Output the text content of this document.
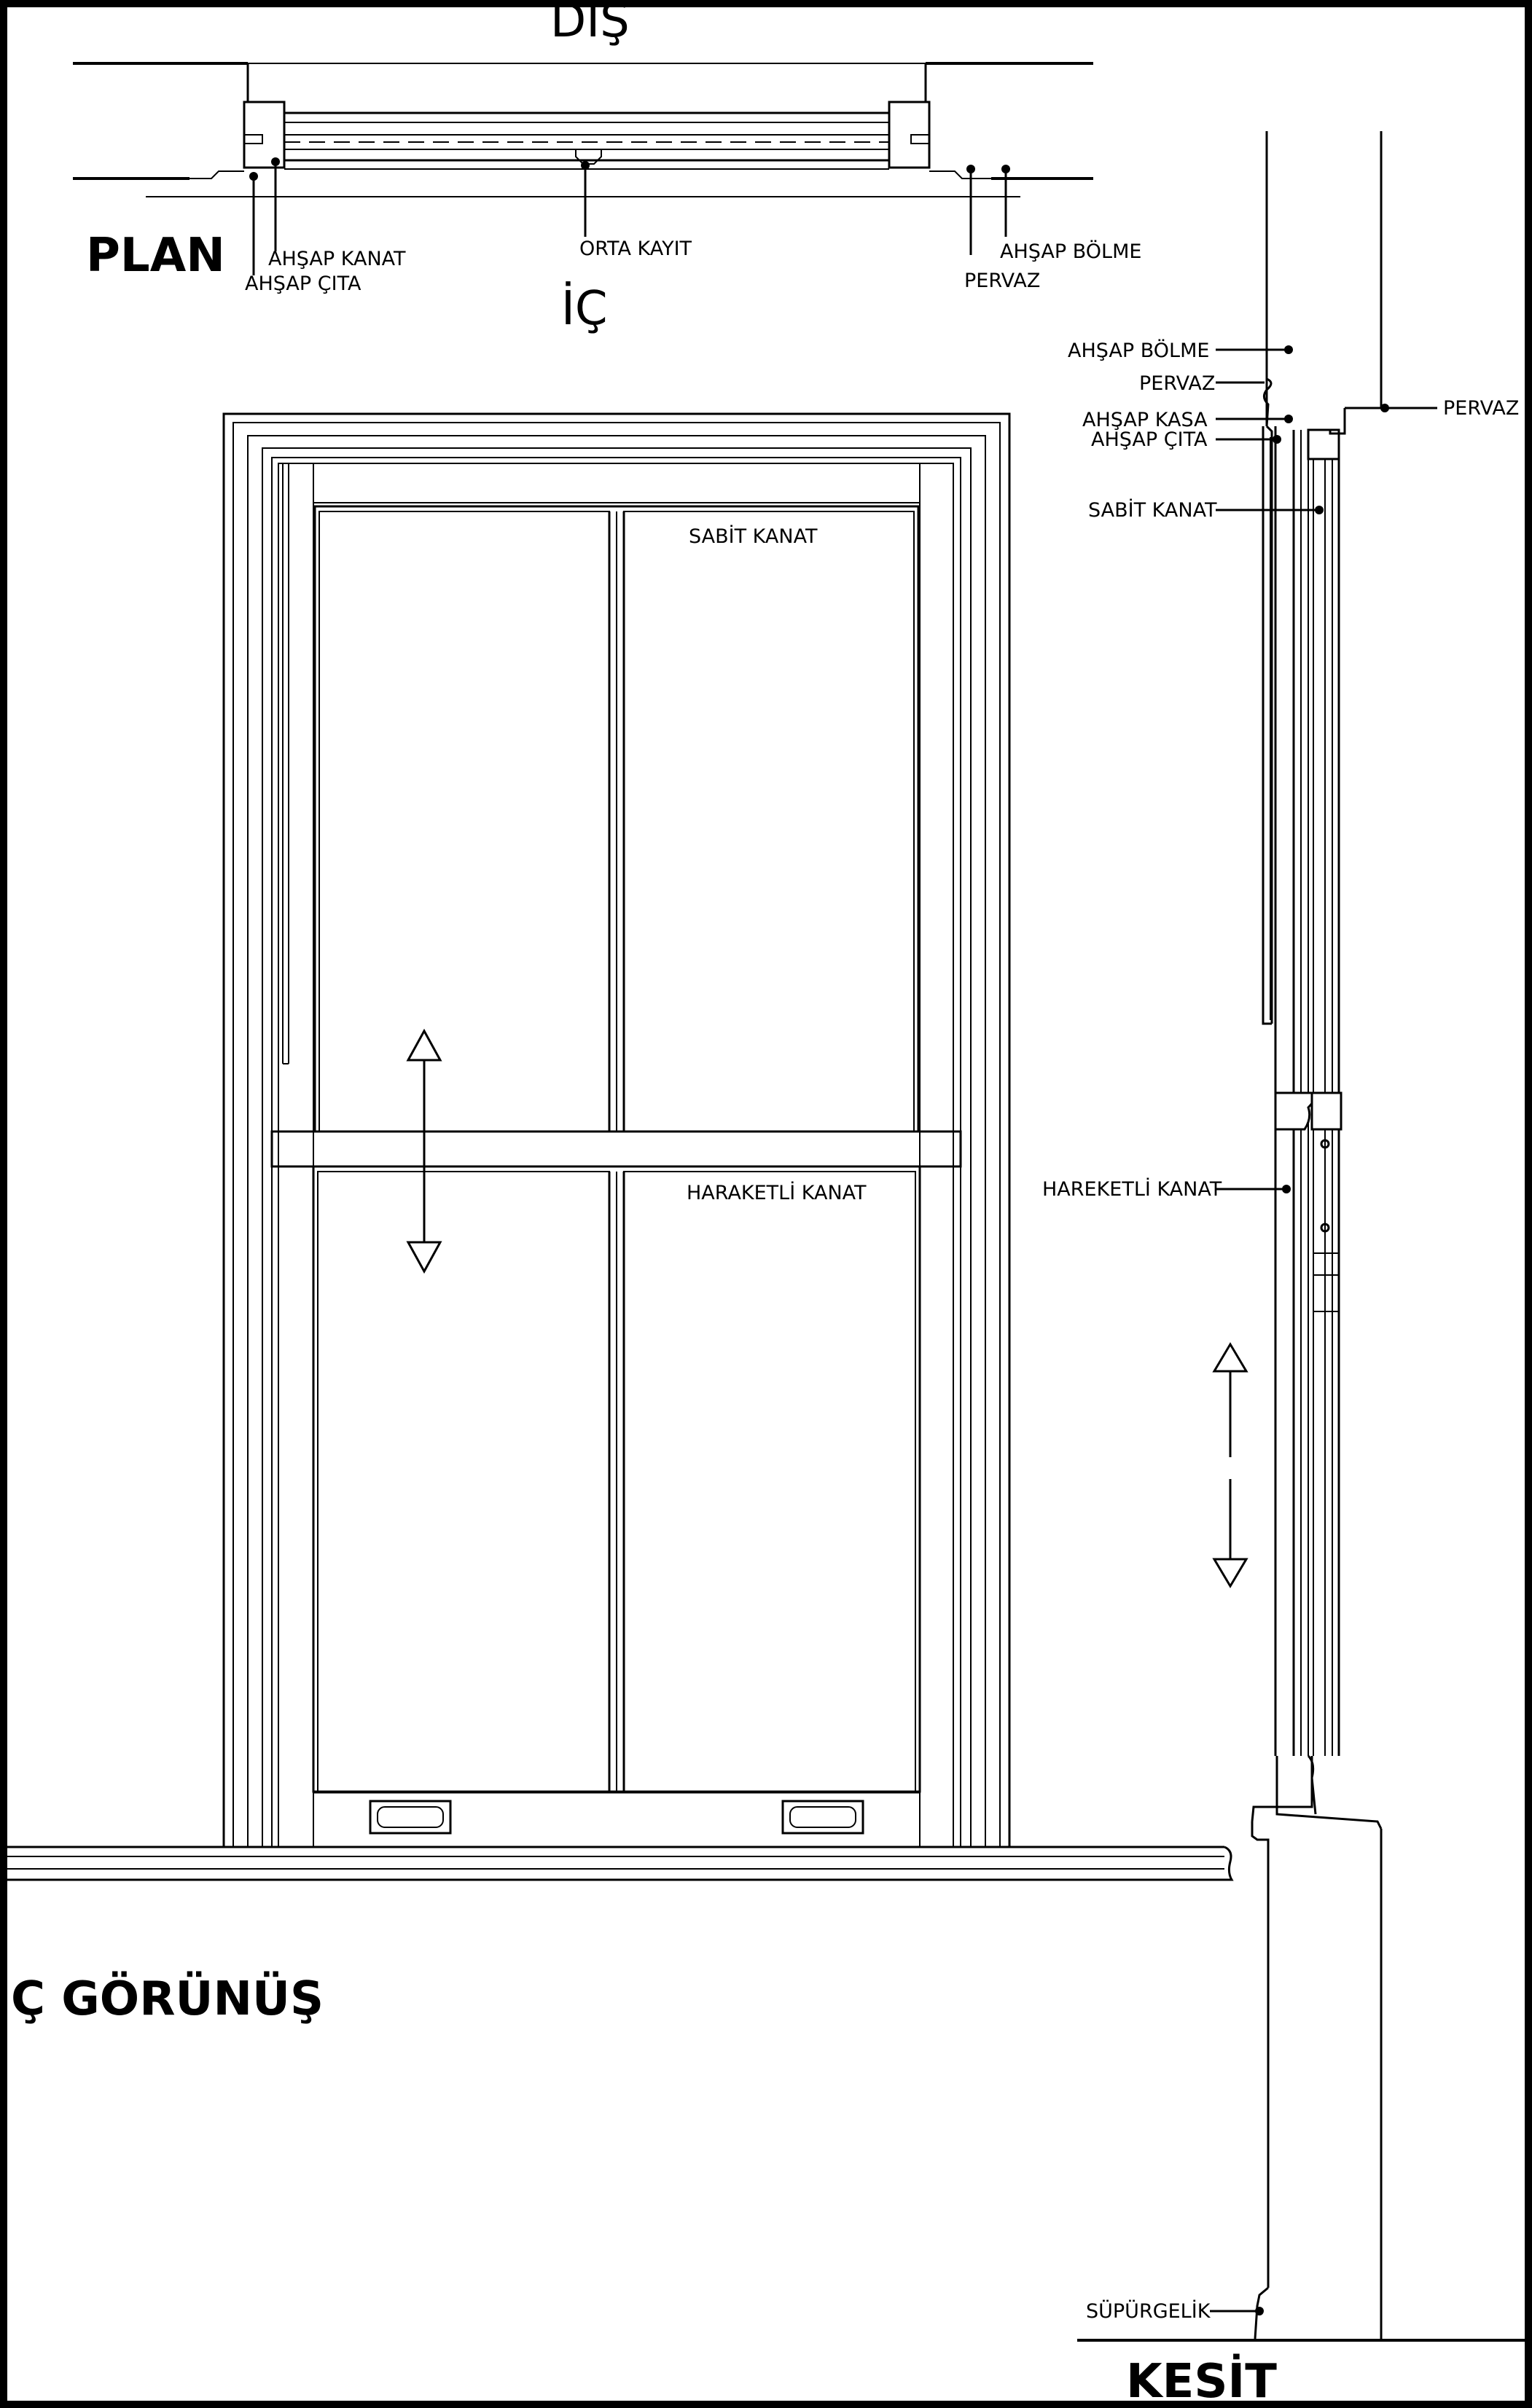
DIŞ
İÇ
PLAN AHŞAP KANAT
AHŞAP ÇITA
ORTA KAYIT	AHŞAP BÖLME
PERVAZ
SABİT KANAT
HARAKETLİ KANAT
Ç GÖRÜNÜŞ
AHŞAP BÖLME
PERVAZ
AHŞAP KASA
AHŞAP ÇITA
SABİT KANAT
HAREKETLİ KANAT
SÜPÜRGELİK
PERVAZ
KESİT
